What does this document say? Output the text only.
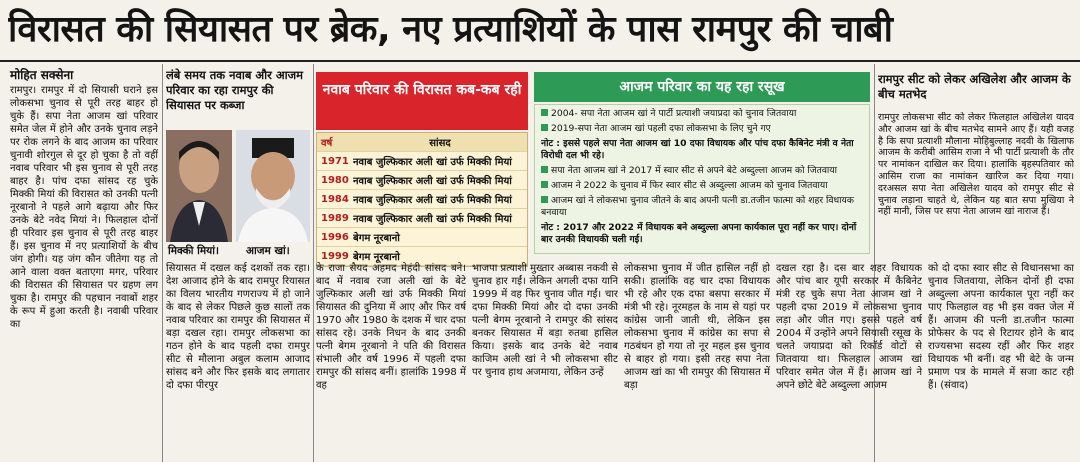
विरासत की सियासत पर ब्रेक, नए प्रत्याशियों के पास रामपुर की चाबी
मोहित सक्सेना
रामपुर। रामपुर में दो सियासी घराने इस लोकसभा चुनाव से पूरी तरह बाहर हो चुके हैं। सपा नेता आजम खां परिवार समेत जेल में होने और उनके चुनाव लड़ने पर रोक लगने के बाद आजम का परिवार चुनावी शोरगुल से दूर हो चुका है तो वहीं नवाब परिवार भी इस चुनाव से पूरी तरह बाहर है। पांच दफा सांसद रह चुके मिक्की मियां की विरासत को उनकी पत्नी नूरबानो ने पहले आगे बढ़ाया और फिर उनके बेटे नवेद मियां ने। फिलहाल दोनों ही परिवार इस चुनाव से पूरी तरह बाहर हैं। इस चुनाव में नए प्रत्याशियों के बीच जंग होगी। यह जंग कौन जीतेगा यह तो आने वाला वक्त बताएगा मगर, परिवार की विरासत की सियासत पर ग्रहण लग चुका है। रामपुर की पहचान नवाबों शहर के रूप में हुआ करती है। नवाबी परिवार का
लंबे समय तक नवाब और आजम परिवार का रहा रामपुर की सियासत पर कब्जा
मिक्की मियां।	आजम खां।
सियासत में दखल कई दशकों तक रहा। देश आजाद होने के बाद रामपुर रियासत का विलय भारतीय गणराज्य में हो जाने के बाद से लेकर पिछले कुछ सालों तक नवाब परिवार का रामपुर की सियासत में बड़ा दखल रहा। रामपुर लोकसभा का गठन होने के बाद पहली दफा रामपुर सीट से मौलाना अबुल कलाम आजाद सांसद बने और फिर इसके बाद लगातार दो दफा पीरपुर
नवाब परिवार की विरासत कब-कब रही
वर्ष	सांसद
1971 नवाब जुल्फिकार अली खां उर्फ मिक्की मियां
1980 नवाब जुल्फिकार अली खां उर्फ मिक्की मियां
1984 नवाब जुल्फिकार अली खां उर्फ मिक्की मियां
1989 नवाब जुल्फिकार अली खां उर्फ मिक्की मियां
1996 बेगम नूरबानो
1999 बेगम नूरबानो
आजम परिवार का यह रहा रसूख
2004- सपा नेता आजम खां ने पार्टी प्रत्याशी जयाप्रदा को चुनाव जितवाया
2019-सपा नेता आजम खां पहली दफा लोकसभा के लिए चुने गए
नोट : इससे पहले सपा नेता आजम खां 10 दफा विधायक और पांच दफा कैबिनेट मंत्री व नेता विरोधी दल भी रहे।
सपा नेता आजम खां ने 2017 में स्वार सीट से अपने बेटे अब्दुल्ला आजम को जितवाया
आजम ने 2022 के चुनाव में फिर स्वार सीट से अब्दुल्ला आजम को चुनाव जितवाया
आजम खां ने लोकसभा चुनाव जीतने के बाद अपनी पत्नी डा.तजीन फात्मा को शहर विधायक बनवाया
नोट : 2017 और 2022 में विधायक बने अब्दुल्ला अपना कार्यकाल पूरा नहीं कर पाए। दोनों बार उनकी विधायकी चली गई।
रामपुर सीट को लेकर अखिलेश और आजम के बीच मतभेद
रामपुर लोकसभा सीट को लेकर फिलहाल अखिलेश यादव और आजम खां के बीच मतभेद सामने आए हैं। यही वजह है कि सपा प्रत्याशी मौलाना मोहिबुल्लाह नदवी के खिलाफ आजम के करीबी आसिम राजा ने भी पार्टी प्रत्याशी के तौर पर नामांकन दाखिल कर दिया। हालांकि बृहस्पतिवार को आसिम राजा का नामांकन खारिज कर दिया गया। दरअसल सपा नेता अखिलेश यादव को रामपुर सीट से चुनाव लड़ाना चाहते थे, लेकिन यह बात सपा मुखिया ने नहीं मानी, जिस पर सपा नेता आजम खां नाराज हैं।
के राजा सैयद अहमद मेहंदी सांसद बने। बाद में नवाब रजा अली खां के बेटे जुल्फिकार अली खां उर्फ मिक्की मियां सियासत की दुनिया में आए और फिर वर्ष 1970 और 1980 के दशक में चार दफा सांसद रहे। उनके निधन के बाद उनकी पत्नी बेगम नूरबानो ने पति की विरासत संभाली और वर्ष 1996 में पहली दफा रामपुर की सांसद बनीं। हालांकि 1998 में वह
भाजपा प्रत्याशी मुख्तार अब्बास नकवी से चुनाव हार गईं। लेकिन अगली दफा यानि 1999 में वह फिर चुनाव जीत गईं। चार दफा मिक्की मियां और दो दफा उनकी पत्नी बेगम नूरबानो ने रामपुर की सांसद बनकर सियासत में बड़ा रुतबा हासिल किया। इसके बाद उनके बेटे नवाब काजिम अली खां ने भी लोकसभा सीट पर चुनाव हाथ अजमाया, लेकिन उन्हें
लोकसभा चुनाव में जीत हासिल नहीं हो सकी। हालांकि वह चार दफा विधायक भी रहे और एक दफा बसपा सरकार में मंत्री भी रहे। नूरमहल के नाम से यहां पर कांग्रेस जानी जाती थी, लेकिन इस लोकसभा चुनाव में कांग्रेस का सपा से गठबंधन हो गया तो नूर महल इस चुनाव से बाहर हो गया। इसी तरह सपा नेता आजम खां का भी रामपुर की सियासत में बड़ा
दखल रहा है। दस बार शहर विधायक और पांच बार यूपी सरकार में कैबिनेट मंत्री रह चुके सपा नेता आजम खां ने पहली दफा 2019 में लोकसभा चुनाव लड़ा और जीत गए। इससे पहले वर्ष 2004 में उन्होंने अपने सियासी रसूख के चलते जयाप्रदा को रिकॉर्ड वोटों से जितवाया था। फिलहाल आजम खां परिवार समेत जेल में हैं। आजम खां ने अपने छोटे बेटे अब्दुल्ला आजम
को दो दफा स्वार सीट से विधानसभा का चुनाव जितवाया, लेकिन दोनों ही दफा अब्दुल्ला अपना कार्यकाल पूरा नहीं कर पाए फिलहाल वह भी इस वक्त जेल में हैं। आजम की पत्नी डा.तजीन फात्मा प्रोफेसर के पद से रिटायर होने के बाद राज्यसभा सदस्य रहीं और फिर शहर विधायक भी बनीं। वह भी बेटे के जन्म प्रमाण पत्र के मामले में सजा काट रही हैं। (संवाद)
